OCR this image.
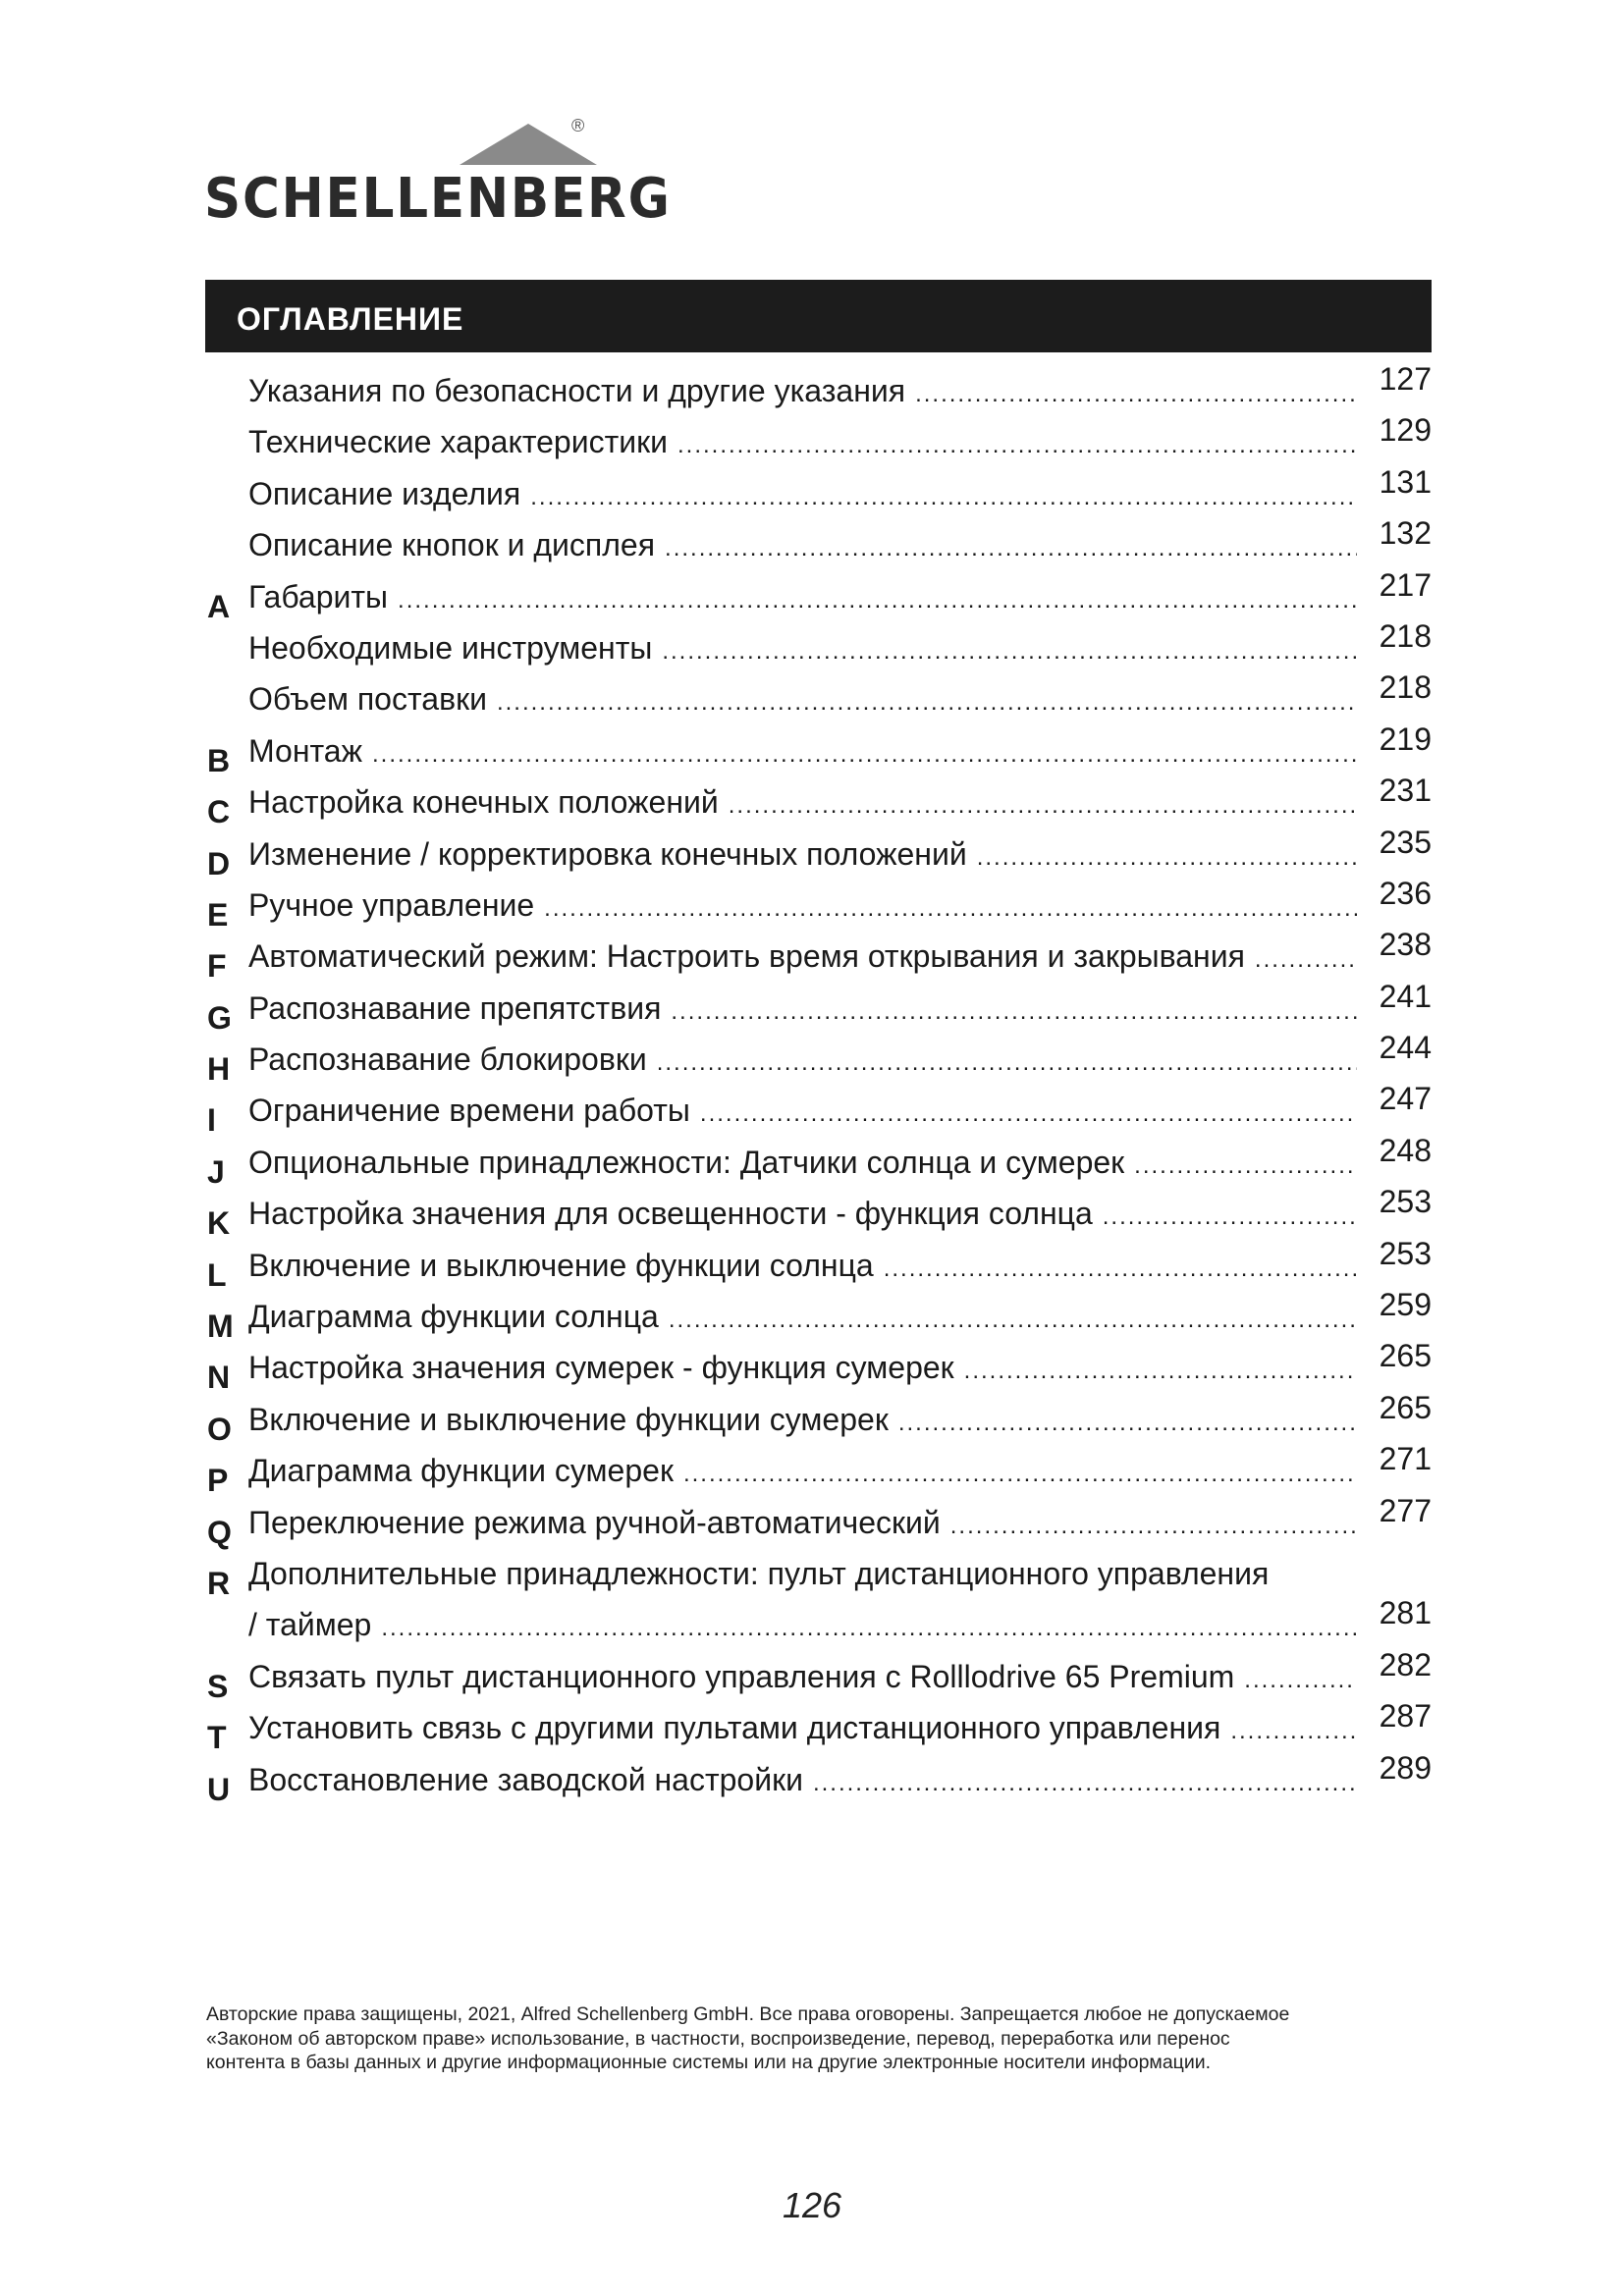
®
SCHELLENBERG
ОГЛАВЛЕНИЕ
Указания по безопасности и другие указания .....	127
Технические характеристики .....	129
Описание изделия .....	131
Описание кнопок и дисплея .....	132
A Габариты .....	217
Необходимые инструменты .....	218
Объем поставки .....	218
B Монтаж .....	219
C Настройка конечных положений .....	231
D Изменение / корректировка конечных положений .....	235
E Ручное управление .....	236
F Автоматический режим: Настроить время открывания и закрывания .....	238
G Распознавание препятствия .....	241
H Распознавание блокировки .....	244
I Ограничение времени работы .....	247
J Опциональные принадлежности: Датчики солнца и сумерек .....	248
K Настройка значения для освещенности - функция солнца .....	253
L Включение и выключение функции солнца .....	253
M Диаграмма функции солнца .....	259
N Настройка значения сумерек - функция сумерек .....	265
O Включение и выключение функции сумерек .....	265
P Диаграмма функции сумерек .....	271
Q Переключение режима ручной-автоматический .....	277
R Дополнительные принадлежности: пульт дистанционного управления
/ таймер .....	281
S Связать пульт дистанционного управления с Rolllodrive 65 Premium .....	282
T Установить связь с другими пультами дистанционного управления .....	287
U Восстановление заводской настройки .....	289
Авторские права защищены, 2021, Alfred Schellenberg GmbH. Все права оговорены. Запрещается любое не допускаемое «Законом об авторском праве» использование, в частности, воспроизведение, перевод, переработка или перенос контента в базы данных и другие информационные системы или на другие электронные носители информации.
126
